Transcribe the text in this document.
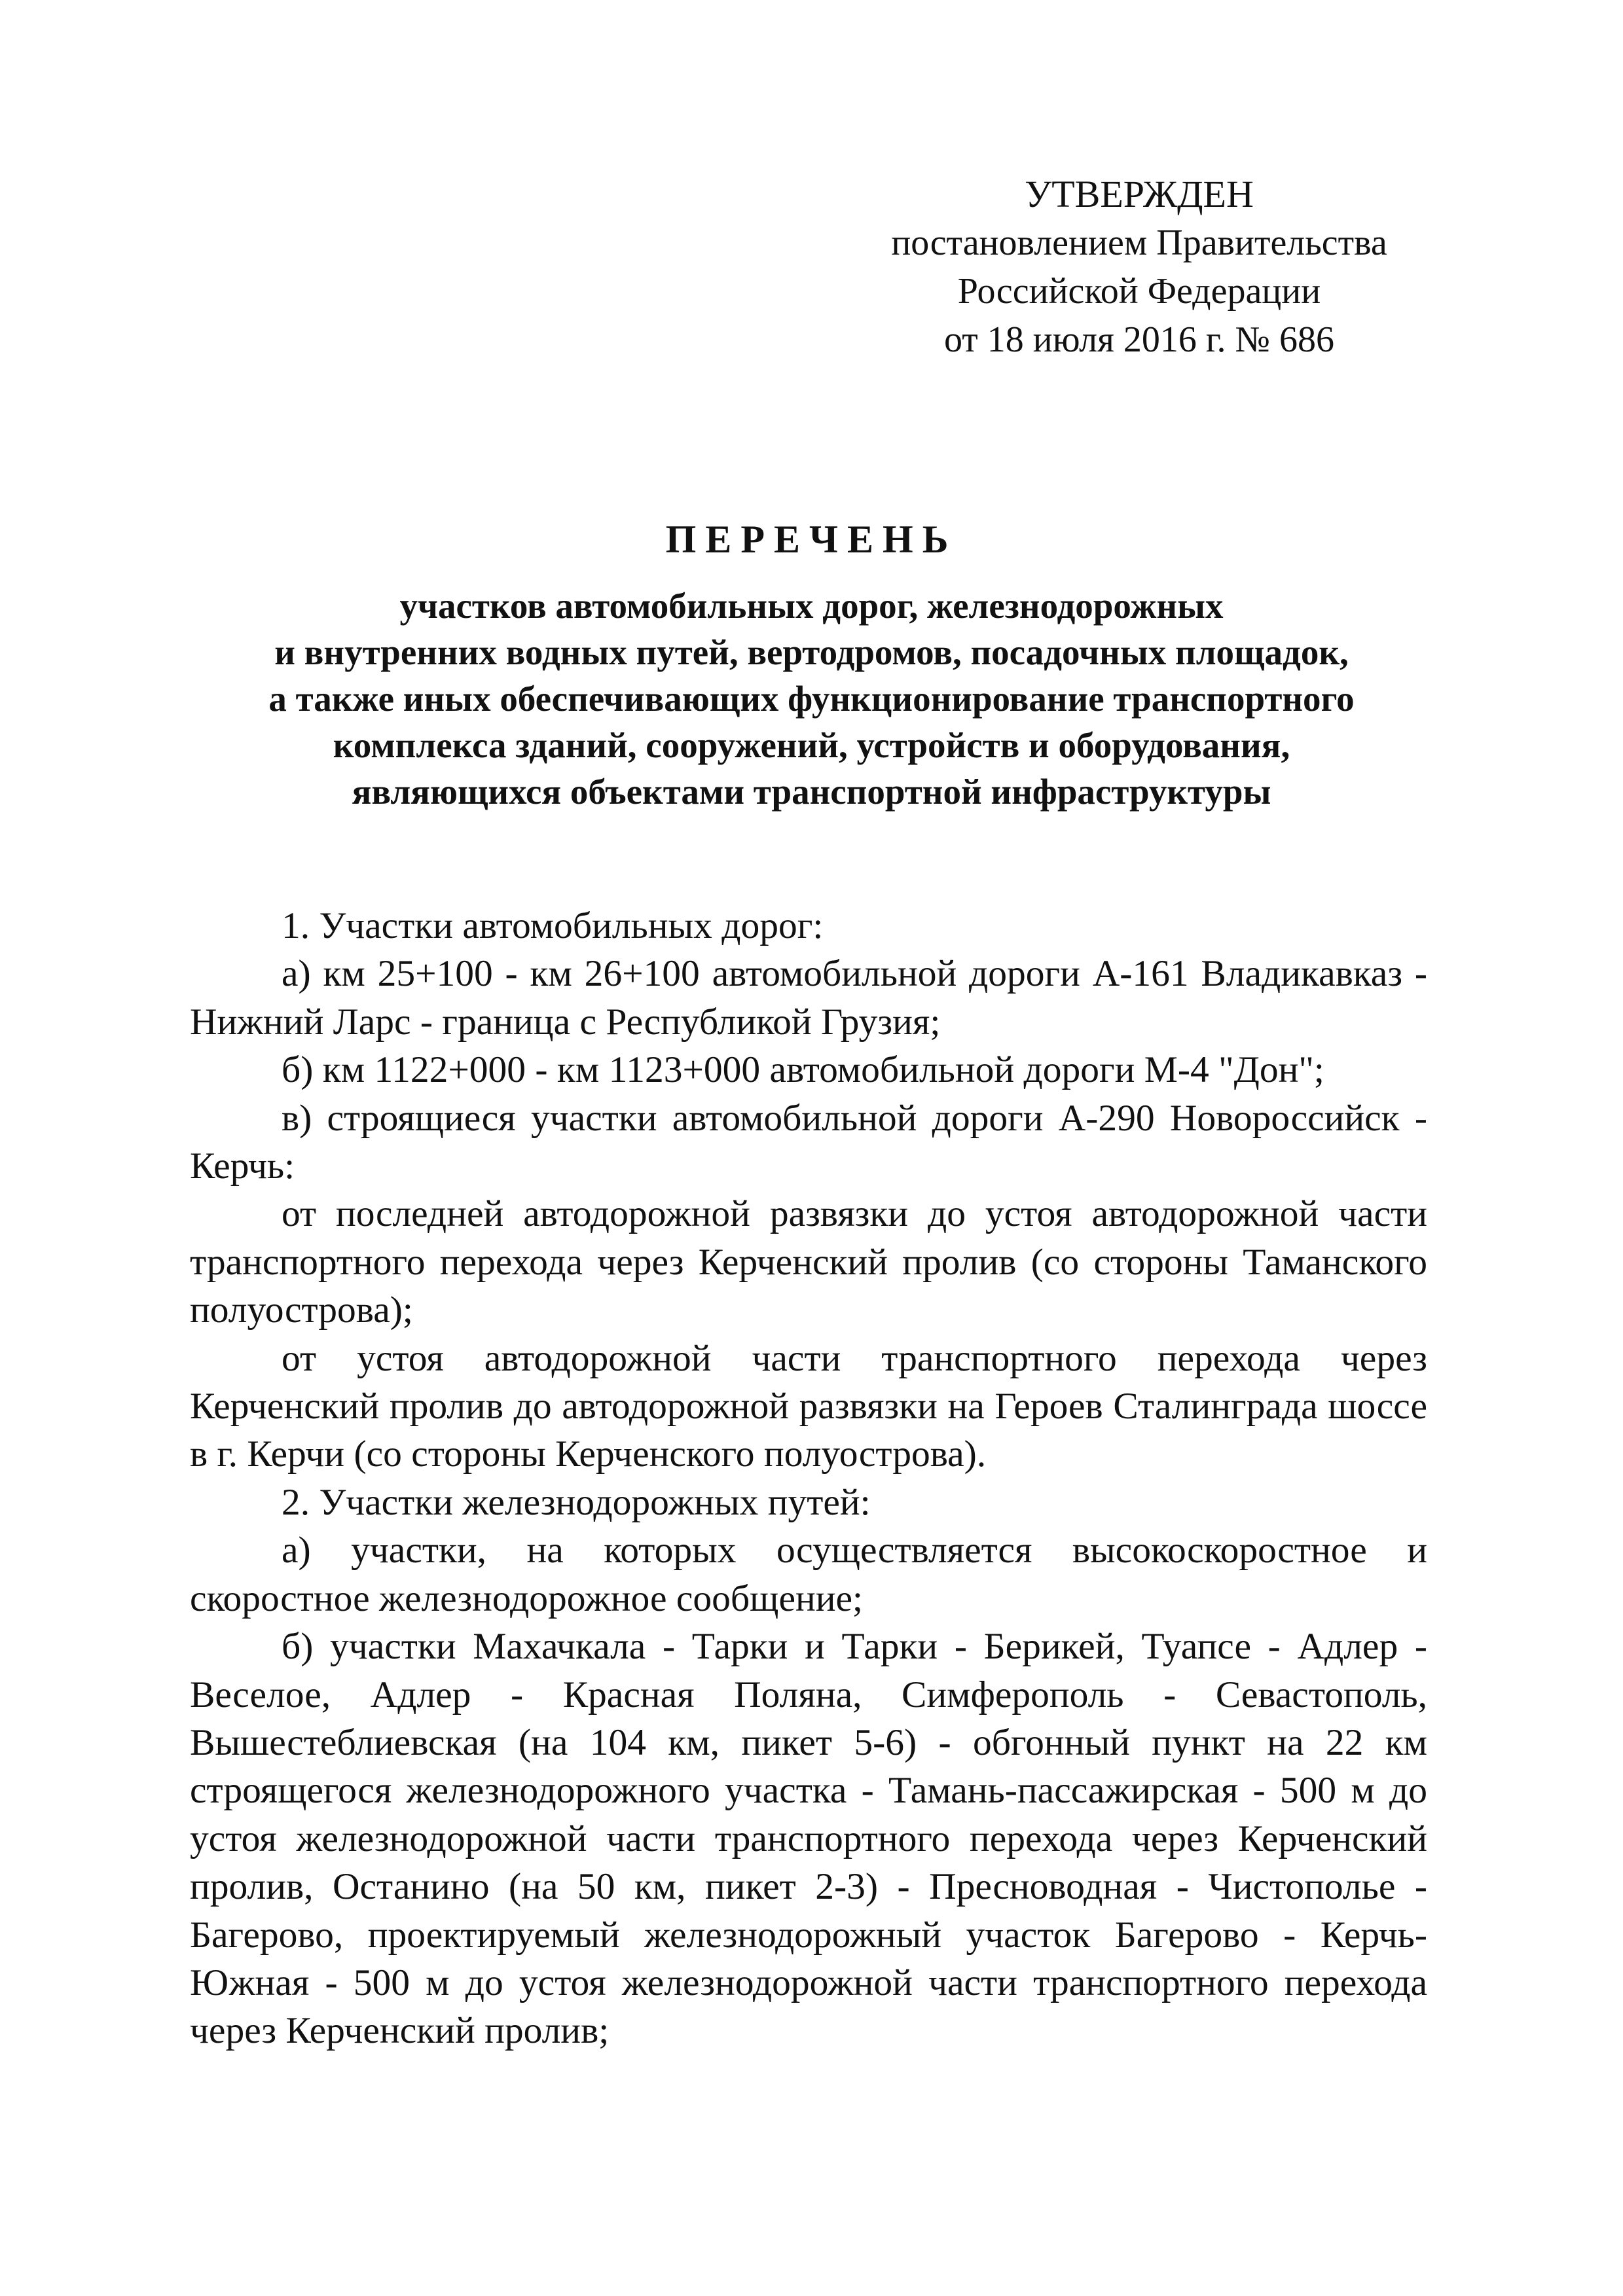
УТВЕРЖДЕН
постановлением Правительства
Российской Федерации
от 18 июля 2016 г. № 686
ПЕРЕЧЕНЬ
участков автомобильных дорог, железнодорожных
и внутренних водных путей, вертодромов, посадочных площадок,
а также иных обеспечивающих функционирование транспортного
комплекса зданий, сооружений, устройств и оборудования,
являющихся объектами транспортной инфраструктуры

1. Участки автомобильных дорог:

а) км 25+100 - км 26+100 автомобильной дороги А-161 Владикавказ - Нижний Ларс - граница с Республикой Грузия;

б) км 1122+000 - км 1123+000 автомобильной дороги М-4 "Дон";

в) строящиеся участки автомобильной дороги А-290 Новороссийск - Керчь:

от последней автодорожной развязки до устоя автодорожной части транспортного перехода через Керченский пролив (со стороны Таманского полуострова);

от устоя автодорожной части транспортного перехода через Керченский пролив до автодорожной развязки на Героев Сталинграда шоссе в г. Керчи (со стороны Керченского полуострова).

2. Участки железнодорожных путей:

а) участки, на которых осуществляется высокоскоростное и скоростное железнодорожное сообщение;

б) участки Махачкала - Тарки и Тарки - Берикей, Туапсе - Адлер - Веселое, Адлер - Красная Поляна, Симферополь - Севастополь, Вышестеблиевская (на 104 км, пикет 5-6) - обгонный пункт на 22 км строящегося железнодорожного участка - Тамань-пассажирская - 500 м до устоя железнодорожной части транспортного перехода через Керченский пролив, Останино (на 50 км, пикет 2-3) - Пресноводная - Чистополье - Багерово, проектируемый железнодорожный участок Багерово - Керчь-Южная - 500 м до устоя железнодорожной части транспортного перехода через Керченский пролив;
